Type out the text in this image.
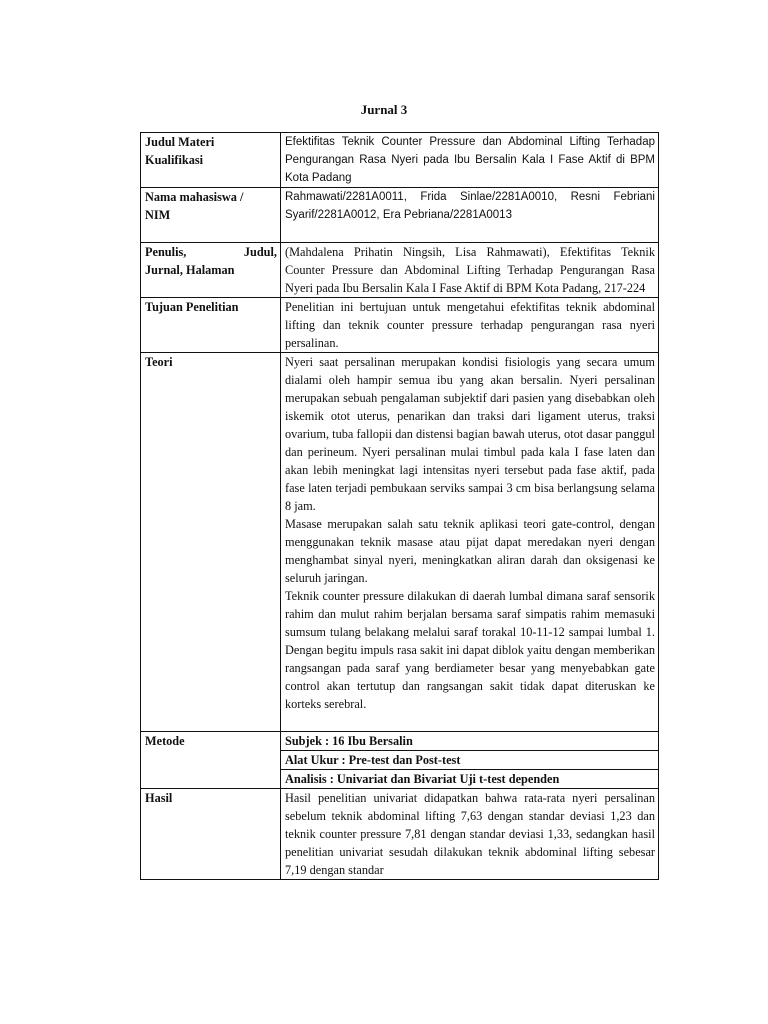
Jurnal 3
Judul Materi
Kualifikasi	Efektifitas Teknik Counter Pressure dan Abdominal Lifting Terhadap Pengurangan Rasa Nyeri pada Ibu Bersalin Kala I Fase Aktif di BPM Kota Padang

Nama mahasiswa /
NIM	Rahmawati/2281A0011, Frida Sinlae/2281A0010, Resni Febriani Syarif/2281A0012, Era Pebriana/2281A0013

Penulis, Judul,
Jurnal, Halaman	(Mahdalena Prihatin Ningsih, Lisa Rahmawati), Efektifitas Teknik Counter Pressure dan Abdominal Lifting Terhadap Pengurangan Rasa Nyeri pada Ibu Bersalin Kala I Fase Aktif di BPM Kota Padang, 217-224
Tujuan Penelitian	Penelitian ini bertujuan untuk mengetahui efektifitas teknik abdominal lifting dan teknik counter pressure terhadap pengurangan rasa nyeri persalinan.
Teori	Nyeri saat persalinan merupakan kondisi fisiologis yang secara umum dialami oleh hampir semua ibu yang akan bersalin. Nyeri persalinan merupakan sebuah pengalaman subjektif dari pasien yang disebabkan oleh iskemik otot uterus, penarikan dan traksi dari ligament uterus, traksi ovarium, tuba fallopii dan distensi bagian bawah uterus, otot dasar panggul dan perineum. Nyeri persalinan mulai timbul pada kala I fase laten dan akan lebih meningkat lagi intensitas nyeri tersebut pada fase aktif, pada fase laten terjadi pembukaan serviks sampai 3 cm bisa berlangsung selama 8 jam.
Masase merupakan salah satu teknik aplikasi teori gate-control, dengan menggunakan teknik masase atau pijat dapat meredakan nyeri dengan menghambat sinyal nyeri, meningkatkan aliran darah dan oksigenasi ke seluruh jaringan.
Teknik counter pressure dilakukan di daerah lumbal dimana saraf sensorik rahim dan mulut rahim berjalan bersama saraf simpatis rahim memasuki sumsum tulang belakang melalui saraf torakal 10-11-12 sampai lumbal 1. Dengan begitu impuls rasa sakit ini dapat diblok yaitu dengan memberikan rangsangan pada saraf yang berdiameter besar yang menyebabkan gate control akan tertutup dan rangsangan sakit tidak dapat diteruskan ke korteks serebral.

Metode	Subjek : 16 Ibu Bersalin
	Alat Ukur : Pre-test dan Post-test
	Analisis : Univariat dan Bivariat Uji t-test dependen
Hasil	Hasil penelitian univariat didapatkan bahwa rata-rata nyeri persalinan sebelum teknik abdominal lifting 7,63 dengan standar deviasi 1,23 dan teknik counter pressure 7,81 dengan standar deviasi 1,33, sedangkan hasil penelitian univariat sesudah dilakukan teknik abdominal lifting sebesar 7,19 dengan standar
